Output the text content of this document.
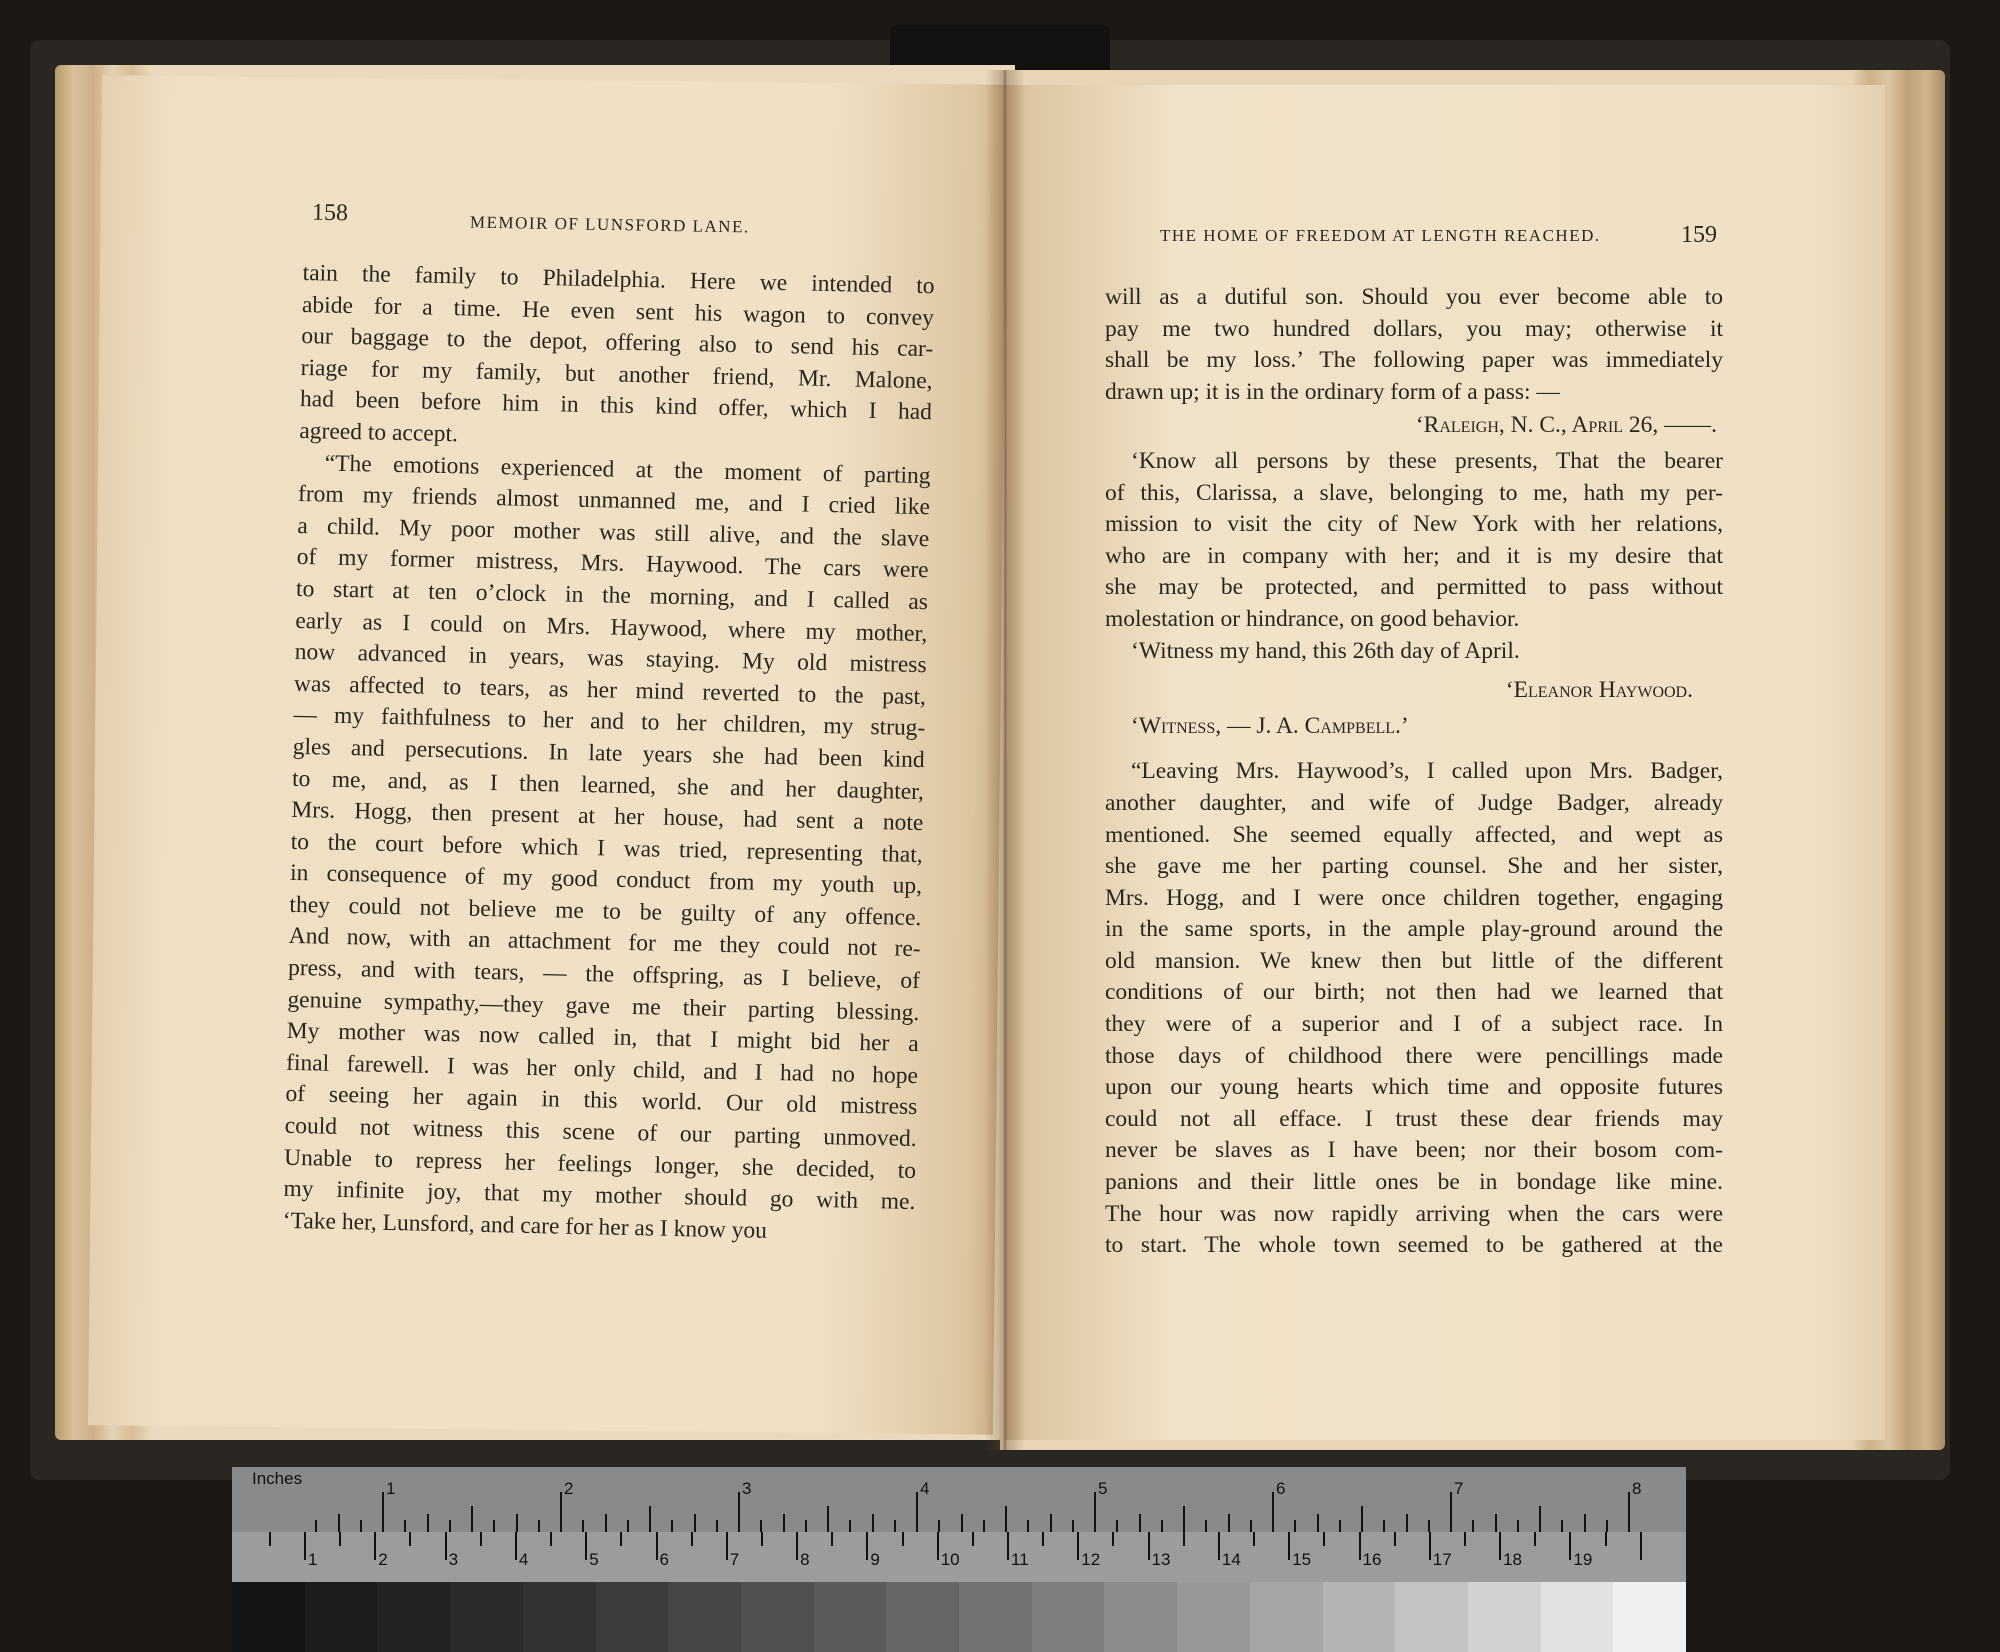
158	MEMOIR OF LUNSFORD LANE.
tain the family to Philadelphia. Here we intended to
abide for a time. He even sent his wagon to convey
our baggage to the depot, offering also to send his car-
riage for my family, but another friend, Mr. Malone,
had been before him in this kind offer, which I had
agreed to accept.
“The emotions experienced at the moment of parting
from my friends almost unmanned me, and I cried like
a child. My poor mother was still alive, and the slave
of my former mistress, Mrs. Haywood. The cars were
to start at ten o’clock in the morning, and I called as
early as I could on Mrs. Haywood, where my mother,
now advanced in years, was staying. My old mistress
was affected to tears, as her mind reverted to the past,
— my faithfulness to her and to her children, my strug-
gles and persecutions. In late years she had been kind
to me, and, as I then learned, she and her daughter,
Mrs. Hogg, then present at her house, had sent a note
to the court before which I was tried, representing that,
in consequence of my good conduct from my youth up,
they could not believe me to be guilty of any offence.
And now, with an attachment for me they could not re-
press, and with tears, — the offspring, as I believe, of
genuine sympathy,—they gave me their parting blessing.
My mother was now called in, that I might bid her a
final farewell. I was her only child, and I had no hope
of seeing her again in this world. Our old mistress
could not witness this scene of our parting unmoved.
Unable to repress her feelings longer, she decided, to
my infinite joy, that my mother should go with me.
‘Take her, Lunsford, and care for her as I know you
THE HOME OF FREEDOM AT LENGTH REACHED.	159
will as a dutiful son. Should you ever become able to
pay me two hundred dollars, you may; otherwise it
shall be my loss.’ The following paper was immediately
drawn up; it is in the ordinary form of a pass: —
‘Raleigh, N. C., April 26, ——.
‘Know all persons by these presents, That the bearer
of this, Clarissa, a slave, belonging to me, hath my per-
mission to visit the city of New York with her relations,
who are in company with her; and it is my desire that
she may be protected, and permitted to pass without
molestation or hindrance, on good behavior.
‘Witness my hand, this 26th day of April.
‘Eleanor Haywood.
‘Witness, — J. A. Campbell.’
“Leaving Mrs. Haywood’s, I called upon Mrs. Badger,
another daughter, and wife of Judge Badger, already
mentioned. She seemed equally affected, and wept as
she gave me her parting counsel. She and her sister,
Mrs. Hogg, and I were once children together, engaging
in the same sports, in the ample play-ground around the
old mansion. We knew then but little of the different
conditions of our birth; not then had we learned that
they were of a superior and I of a subject race. In
those days of childhood there were pencillings made
upon our young hearts which time and opposite futures
could not all efface. I trust these dear friends may
never be slaves as I have been; nor their bosom com-
panions and their little ones be in bondage like mine.
The hour was now rapidly arriving when the cars were
to start. The whole town seemed to be gathered at the
Inches
1	2	3	4	5	6	7	8
1	2	3	4	5	6	7	8	9	10	11	12	13	14	15	16	17	18	19
